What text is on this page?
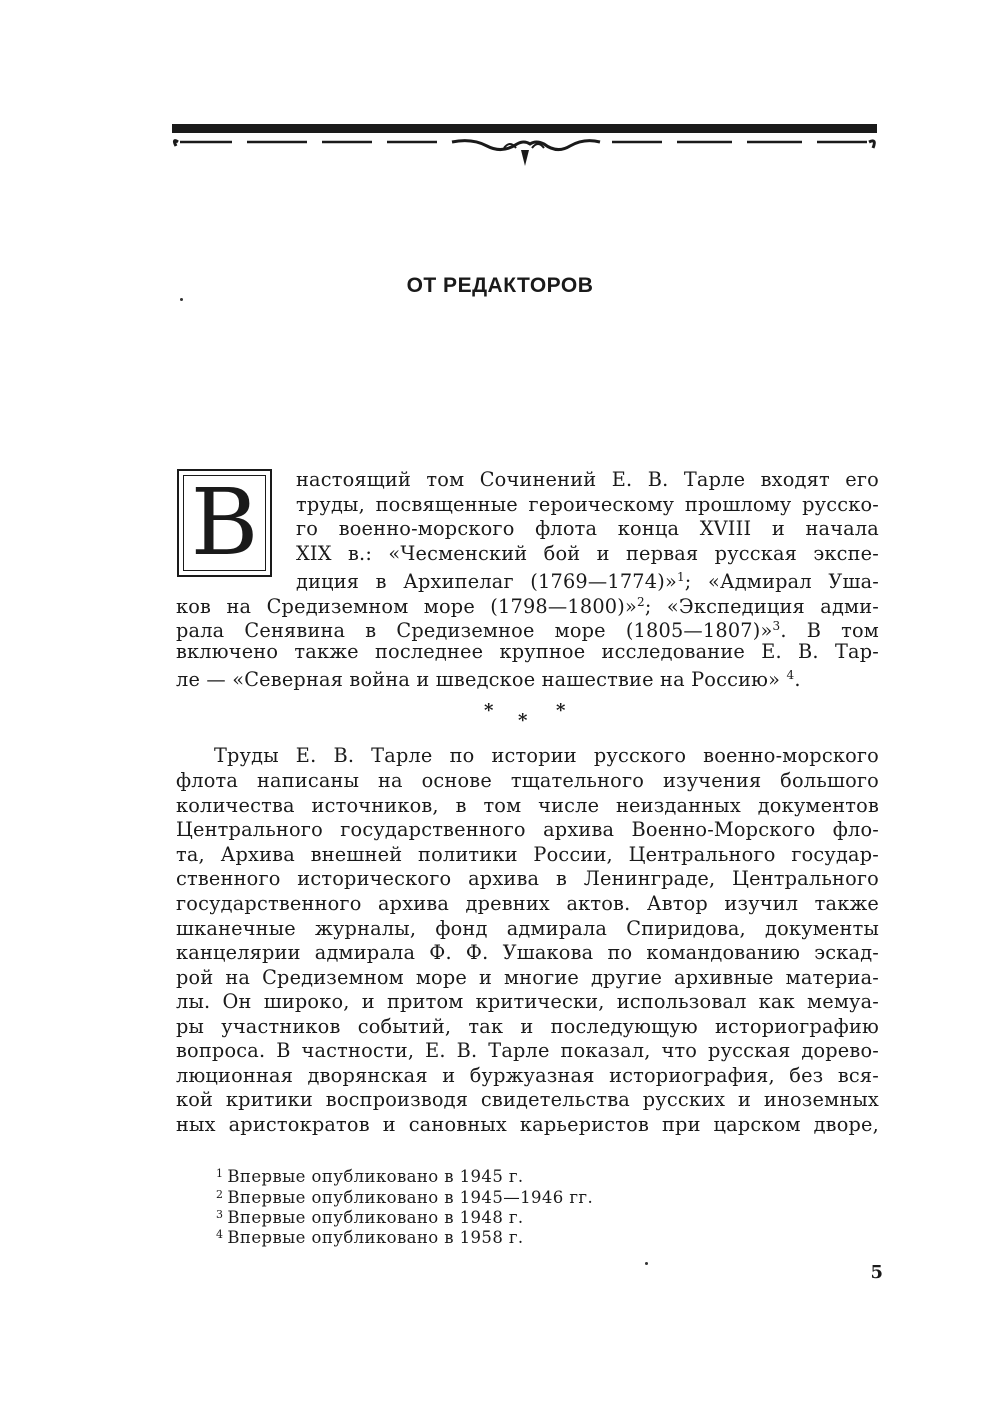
ОТ РЕДАКТОРОВ
В	настоящий том Сочинений Е. В. Тарле входят его
труды, посвященные героическому прошлому русско-
го военно-морского флота конца XVIII и начала
XIX в.: «Чесменский бой и первая русская экспе-
диция в Архипелаг (1769—1774)»$^1$; «Адмирал Уша-
ков на Средиземном море (1798—1800)»$^2$; «Экспедиция адми-
рала Сенявина в Средиземное море (1805—1807)»$^3$. В том
включено также последнее крупное исследование Е. В. Тар-
ле — «Северная война и шведское нашествие на Россию» $^4$.
* * *
Труды Е. В. Тарле по истории русского военно-морского
флота написаны на основе тщательного изучения большого
количества источников, в том числе неизданных документов
Центрального государственного архива Военно-Морского фло-
та, Архива внешней политики России, Центрального государ-
ственного исторического архива в Ленинграде, Центрального
государственного архива древних актов. Автор изучил также
шканечные журналы, фонд адмирала Спиридова, документы
канцелярии адмирала Ф. Ф. Ушакова по командованию эскад-
рой на Средиземном море и многие другие архивные материа-
лы. Он широко, и притом критически, использовал как мемуа-
ры участников событий, так и последующую историографию
вопроса. В частности, Е. В. Тарле показал, что русская дорево-
люционная дворянская и буржуазная историография, без вся-
кой критики воспроизводя свидетельства русских и иноземных
ных аристократов и сановных карьеристов при царском дворе,
$^1$ Впервые опубликовано в 1945 г.
$^2$ Впервые опубликовано в 1945—1946 гг.
$^3$ Впервые опубликовано в 1948 г.
$^4$ Впервые опубликовано в 1958 г.
5
